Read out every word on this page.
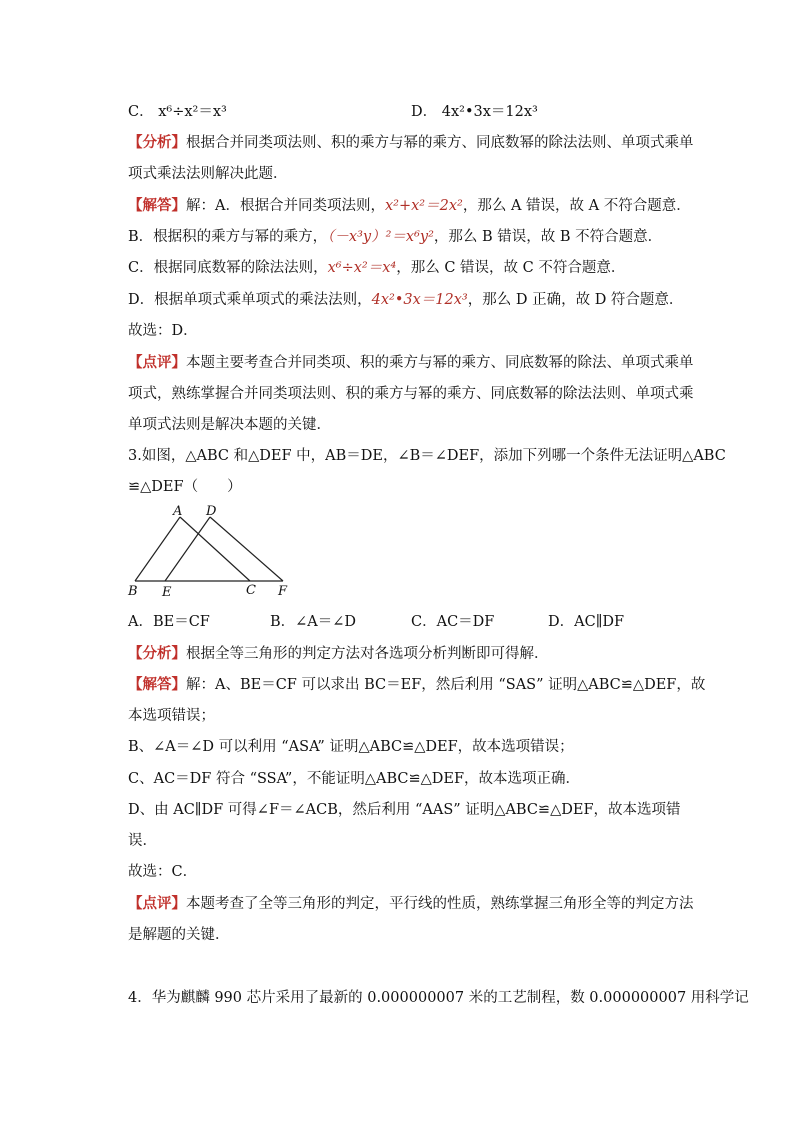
C． x⁶÷x²＝x³	D． 4x²•3x＝12x³
【分析】根据合并同类项法则、积的乘方与幂的乘方、同底数幂的除法法则、单项式乘单
项式乘法法则解决此题．
【解答】解：A．根据合并同类项法则，x²+x²＝2x²，那么 A 错误，故 A 不符合题意．
B．根据积的乘方与幂的乘方，（－x³y）²＝x⁶y²，那么 B 错误，故 B 不符合题意．
C．根据同底数幂的除法法则，x⁶÷x²＝x⁴，那么 C 错误，故 C 不符合题意．
D．根据单项式乘单项式的乘法法则，4x²•3x＝12x³，那么 D 正确，故 D 符合题意．
故选：D．
【点评】本题主要考查合并同类项、积的乘方与幂的乘方、同底数幂的除法、单项式乘单
项式，熟练掌握合并同类项法则、积的乘方与幂的乘方、同底数幂的除法法则、单项式乘
单项式法则是解决本题的关键．
3.如图，△ABC 和△DEF 中，AB＝DE，∠B＝∠DEF，添加下列哪一个条件无法证明△ABC
≌△DEF（　　）
A D
B E	C F
A．BE＝CF	B．∠A＝∠D	C．AC＝DF	D．AC∥DF
【分析】根据全等三角形的判定方法对各选项分析判断即可得解．
【解答】解：A、BE＝CF 可以求出 BC＝EF，然后利用 “SAS” 证明△ABC≌△DEF，故
本选项错误；
B、∠A＝∠D 可以利用 “ASA” 证明△ABC≌△DEF，故本选项错误；
C、AC＝DF 符合 “SSA”，不能证明△ABC≌△DEF，故本选项正确．
D、由 AC∥DF 可得∠F＝∠ACB，然后利用 “AAS” 证明△ABC≌△DEF，故本选项错
误．
故选：C．
【点评】本题考查了全等三角形的判定，平行线的性质，熟练掌握三角形全等的判定方法
是解题的关键．
4．华为麒麟 990 芯片采用了最新的 0.000000007 米的工艺制程，数 0.000000007 用科学记
